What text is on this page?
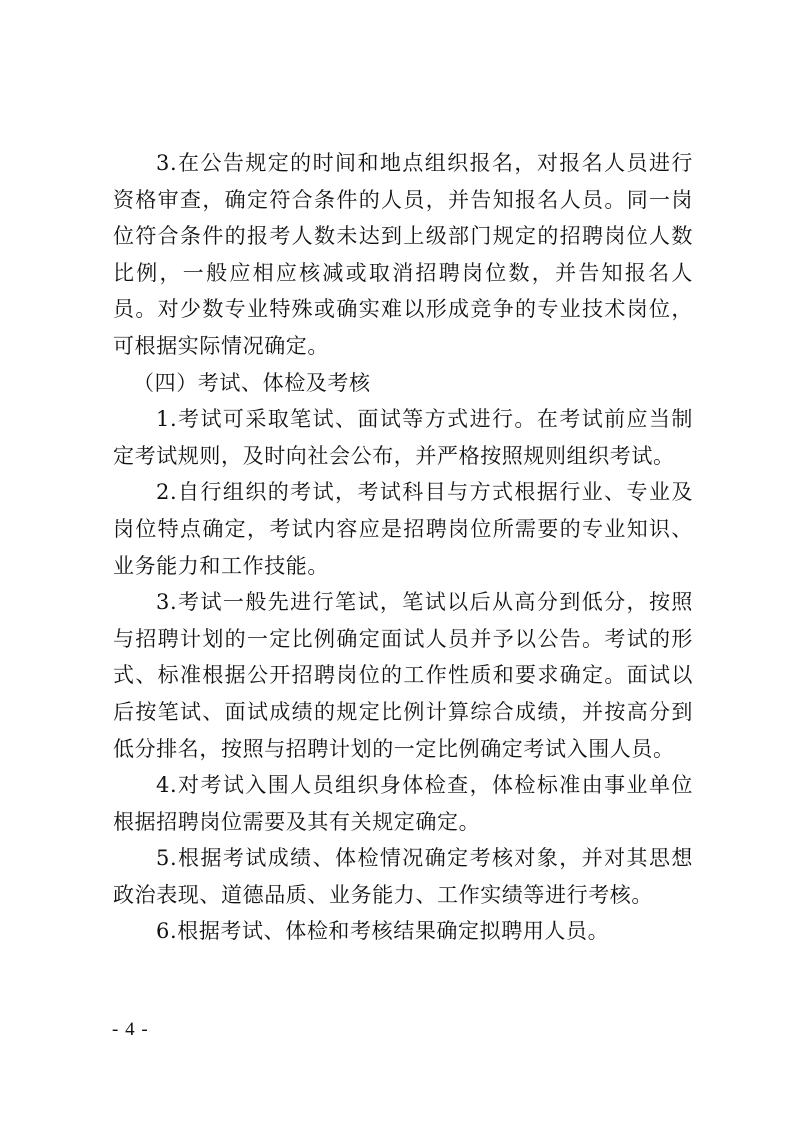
3.在公告规定的时间和地点组织报名，对报名人员进行资格审查，确定符合条件的人员，并告知报名人员。同一岗位符合条件的报考人数未达到上级部门规定的招聘岗位人数比例，一般应相应核减或取消招聘岗位数，并告知报名人员。对少数专业特殊或确实难以形成竞争的专业技术岗位，可根据实际情况确定。

（四）考试、体检及考核

1.考试可采取笔试、面试等方式进行。在考试前应当制定考试规则，及时向社会公布，并严格按照规则组织考试。

2.自行组织的考试，考试科目与方式根据行业、专业及岗位特点确定，考试内容应是招聘岗位所需要的专业知识、业务能力和工作技能。

3.考试一般先进行笔试，笔试以后从高分到低分，按照与招聘计划的一定比例确定面试人员并予以公告。考试的形式、标准根据公开招聘岗位的工作性质和要求确定。面试以后按笔试、面试成绩的规定比例计算综合成绩，并按高分到低分排名，按照与招聘计划的一定比例确定考试入围人员。

4.对考试入围人员组织身体检查，体检标准由事业单位根据招聘岗位需要及其有关规定确定。

5.根据考试成绩、体检情况确定考核对象，并对其思想政治表现、道德品质、业务能力、工作实绩等进行考核。

6.根据考试、体检和考核结果确定拟聘用人员。

- 4 -
